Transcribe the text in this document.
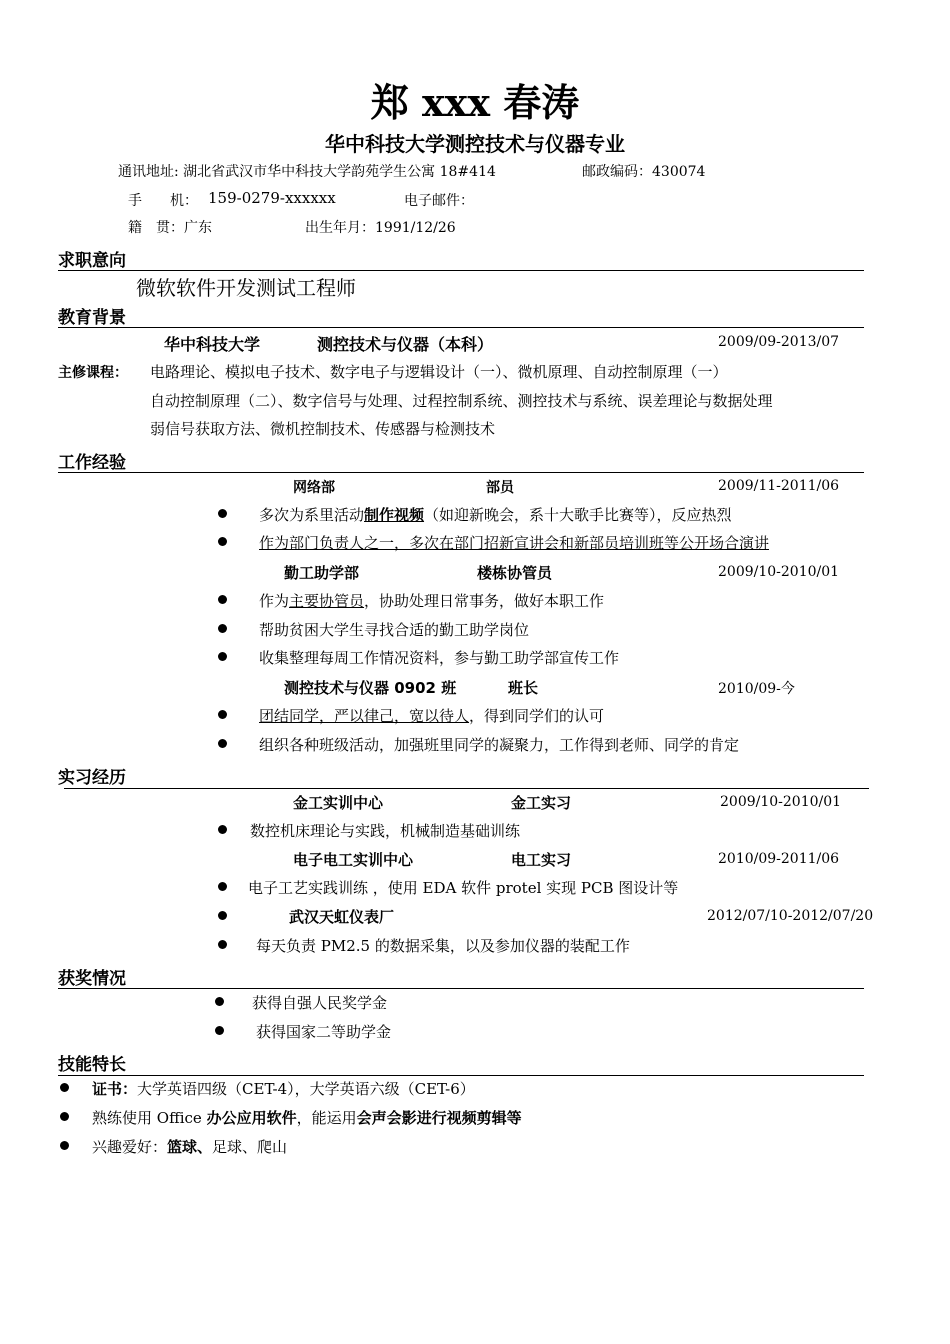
郑 xxx 春涛
华中科技大学测控技术与仪器专业
通讯地址: 湖北省武汉市华中科技大学韵苑学生公寓 18#414	邮政编码：430074
手　　机： 159-0279-xxxxxx	电子邮件：
籍　贯：广东	出生年月：1991/12/26
求职意向
微软软件开发测试工程师
教育背景
华中科技大学	测控技术与仪器（本科）	2009/09-2013/07
主修课程： 电路理论、模拟电子技术、数字电子与逻辑设计（一）、微机原理、自动控制原理（一）
自动控制原理（二）、数字信号与处理、过程控制系统、测控技术与系统、误差理论与数据处理
弱信号获取方法、微机控制技术、传感器与检测技术
工作经验
网络部	部员	2009/11-2011/06
多次为系里活动制作视频（如迎新晚会，系十大歌手比赛等），反应热烈
作为部门负责人之一，多次在部门招新宣讲会和新部员培训班等公开场合演讲
勤工助学部	楼栋协管员	2009/10-2010/01
作为主要协管员，协助处理日常事务，做好本职工作
帮助贫困大学生寻找合适的勤工助学岗位
收集整理每周工作情况资料，参与勤工助学部宣传工作
测控技术与仪器 0902 班	班长	2010/09-今
团结同学，严以律己，宽以待人，得到同学们的认可
组织各种班级活动，加强班里同学的凝聚力，工作得到老师、同学的肯定
实习经历
金工实训中心	金工实习	2009/10-2010/01
数控机床理论与实践，机械制造基础训练
电子电工实训中心	电工实习	2010/09-2011/06
电子工艺实践训练 ，使用 EDA 软件 protel 实现 PCB 图设计等
武汉天虹仪表厂	2012/07/10-2012/07/20
每天负责 PM2.5 的数据采集，以及参加仪器的装配工作
获奖情况
获得自强人民奖学金
获得国家二等助学金
技能特长
证书：大学英语四级（CET-4），大学英语六级（CET-6）
熟练使用 Office 办公应用软件，能运用会声会影进行视频剪辑等
兴趣爱好：篮球、足球、爬山
